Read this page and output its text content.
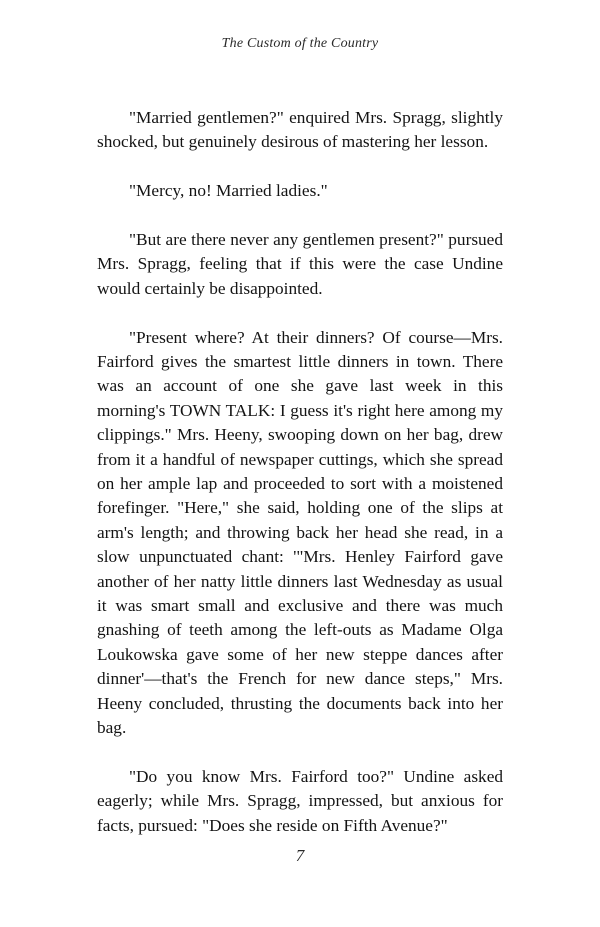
The Custom of the Country

"Married gentlemen?" enquired Mrs. Spragg, slightly shocked, but genuinely desirous of mastering her lesson.

"Mercy, no! Married ladies."

"But are there never any gentlemen present?" pursued Mrs. Spragg, feeling that if this were the case Undine would certainly be disappointed.

"Present where? At their dinners? Of course—Mrs. Fairford gives the smartest little dinners in town. There was an account of one she gave last week in this morning's TOWN TALK: I guess it's right here among my clippings." Mrs. Heeny, swooping down on her bag, drew from it a handful of newspaper cuttings, which she spread on her ample lap and proceeded to sort with a moistened forefinger. "Here," she said, holding one of the slips at arm's length; and throwing back her head she read, in a slow unpunctuated chant: '"Mrs. Henley Fairford gave another of her natty little dinners last Wednesday as usual it was smart small and exclusive and there was much gnashing of teeth among the left-outs as Madame Olga Loukowska gave some of her new steppe dances after dinner'—that's the French for new dance steps," Mrs. Heeny concluded, thrusting the documents back into her bag.

"Do you know Mrs. Fairford too?" Undine asked eagerly; while Mrs. Spragg, impressed, but anxious for facts, pursued: "Does she reside on Fifth Avenue?"

7
